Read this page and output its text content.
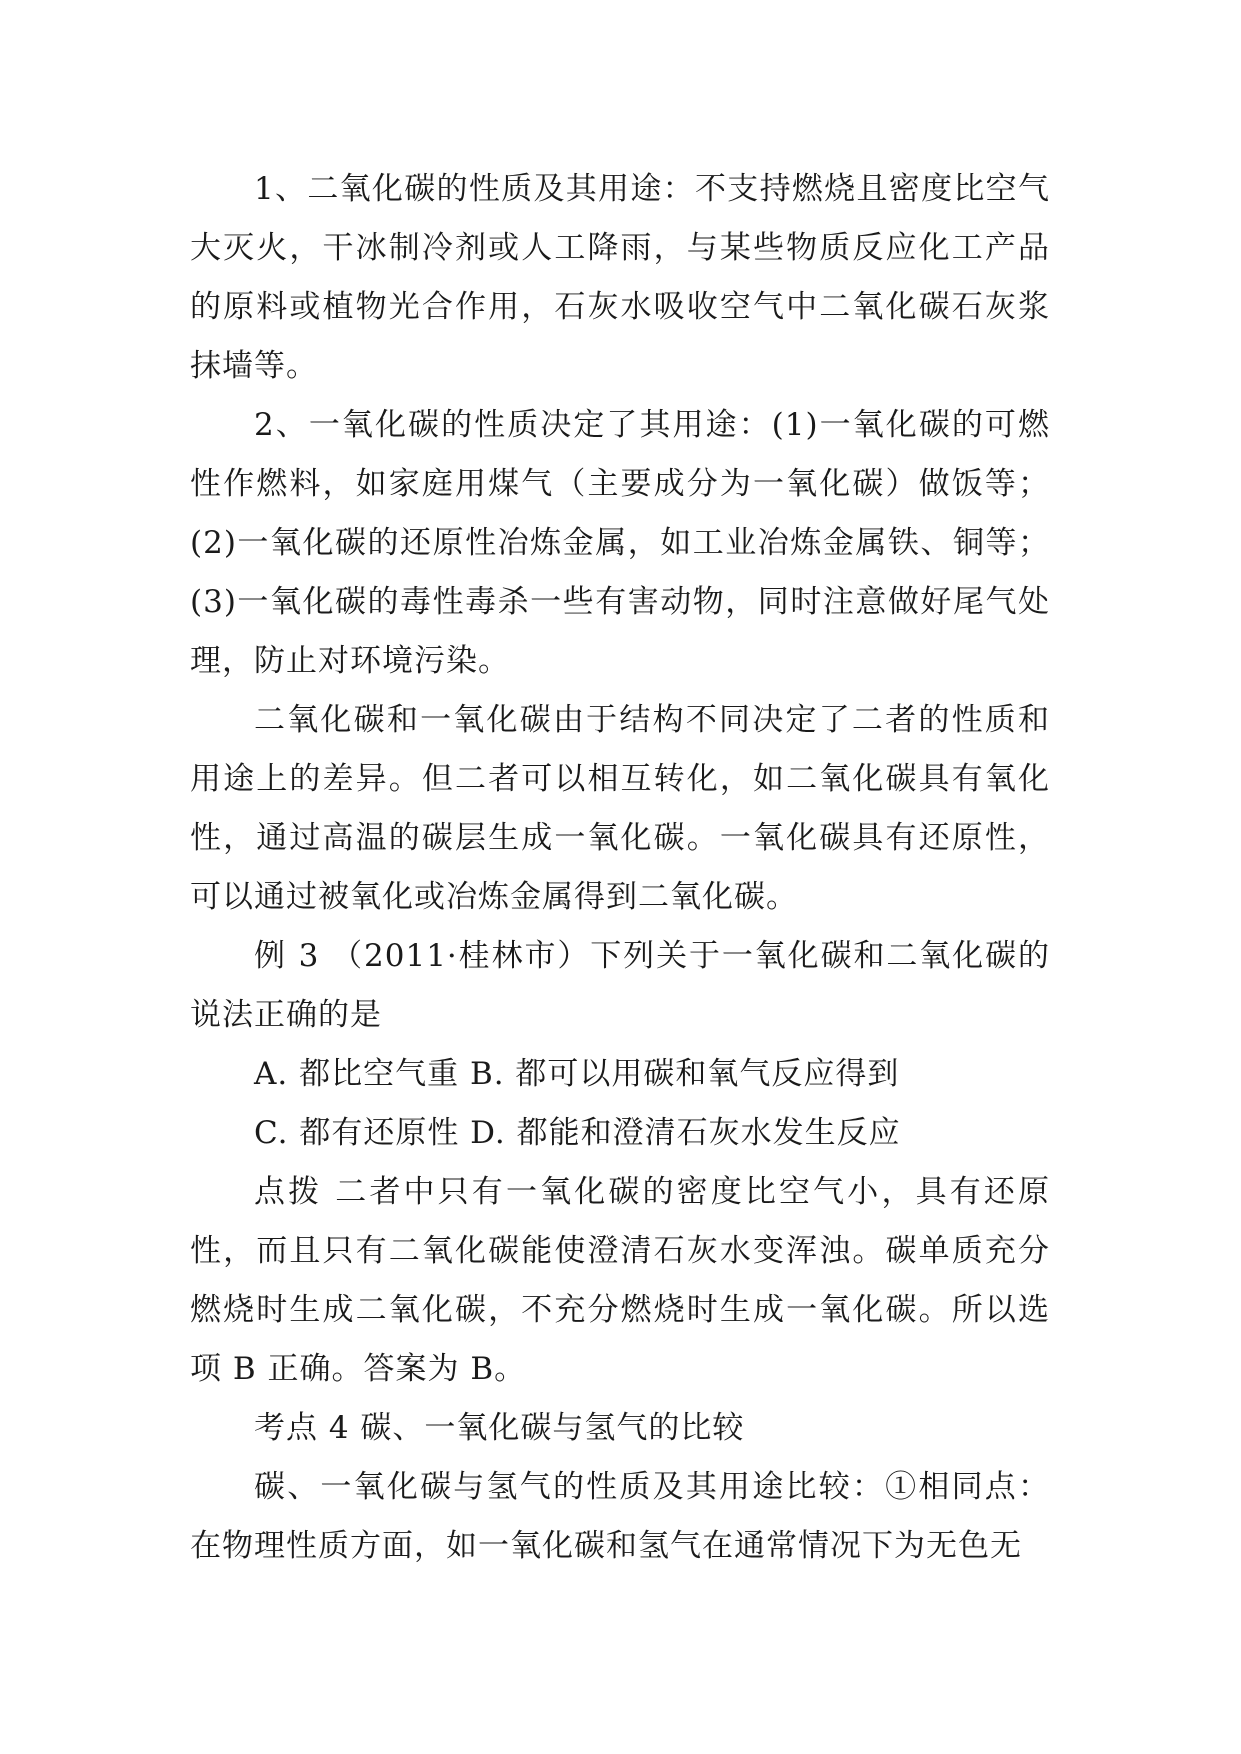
1、二氧化碳的性质及其用途：不支持燃烧且密度比空气大灭火，干冰制冷剂或人工降雨，与某些物质反应化工产品的原料或植物光合作用，石灰水吸收空气中二氧化碳石灰浆抹墙等。

2、一氧化碳的性质决定了其用途：(1)一氧化碳的可燃性作燃料，如家庭用煤气（主要成分为一氧化碳）做饭等；(2)一氧化碳的还原性冶炼金属，如工业冶炼金属铁、铜等；(3)一氧化碳的毒性毒杀一些有害动物，同时注意做好尾气处理，防止对环境污染。

二氧化碳和一氧化碳由于结构不同决定了二者的性质和用途上的差异。但二者可以相互转化，如二氧化碳具有氧化性，通过高温的碳层生成一氧化碳。一氧化碳具有还原性，可以通过被氧化或冶炼金属得到二氧化碳。

例 3 （2011·桂林市）下列关于一氧化碳和二氧化碳的说法正确的是

A. 都比空气重 B. 都可以用碳和氧气反应得到

C. 都有还原性 D. 都能和澄清石灰水发生反应

点拨 二者中只有一氧化碳的密度比空气小，具有还原性，而且只有二氧化碳能使澄清石灰水变浑浊。碳单质充分燃烧时生成二氧化碳，不充分燃烧时生成一氧化碳。所以选项 B 正确。答案为 B。

考点 4 碳、一氧化碳与氢气的比较

碳、一氧化碳与氢气的性质及其用途比较：①相同点：在物理性质方面，如一氧化碳和氢气在通常情况下为无色无
